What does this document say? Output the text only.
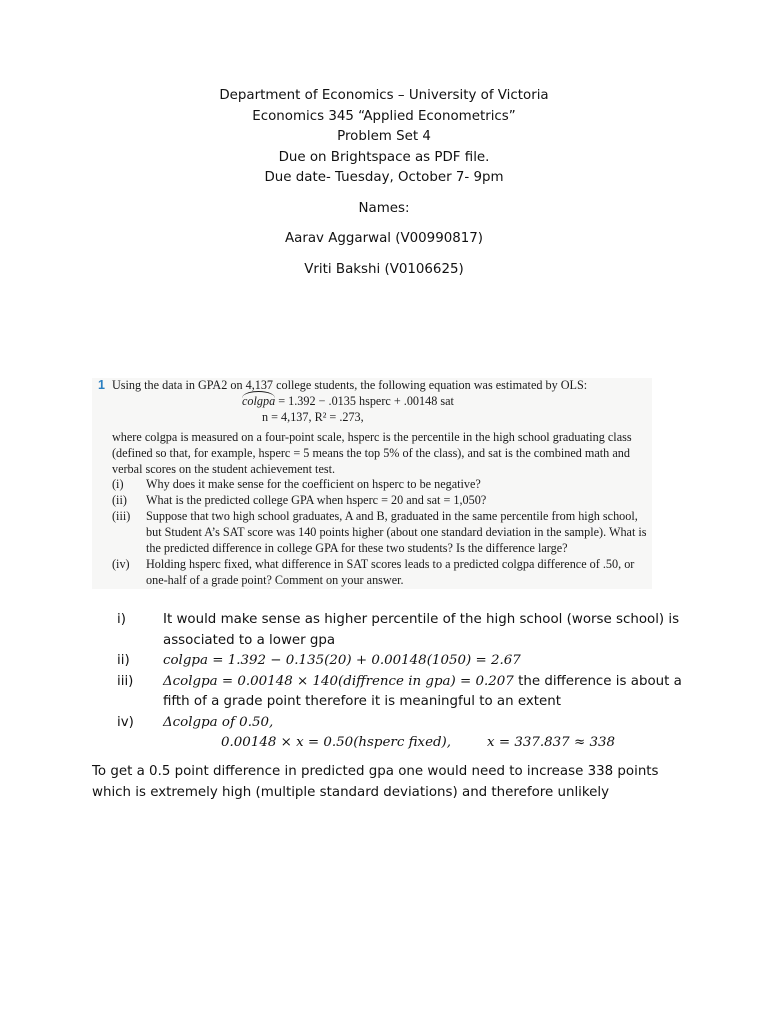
Department of Economics – University of Victoria
Economics 345 “Applied Econometrics”
Problem Set 4
Due on Brightspace as PDF file.
Due date- Tuesday, October 7- 9pm
Names:
Aarav Aggarwal (V00990817)
Vriti Bakshi (V0106625)
1 Using the data in GPA2 on 4,137 college students, the following equation was estimated by OLS:
colgpa = 1.392 − .0135 hsperc + .00148 sat
n = 4,137, R² = .273,
where colgpa is measured on a four-point scale, hsperc is the percentile in the high school graduating class (defined so that, for example, hsperc = 5 means the top 5% of the class), and sat is the combined math and verbal scores on the student achievement test.
(i)	Why does it make sense for the coefficient on hsperc to be negative?
(ii)	What is the predicted college GPA when hsperc = 20 and sat = 1,050?
(iii)	Suppose that two high school graduates, A and B, graduated in the same percentile from high school, but Student A’s SAT score was 140 points higher (about one standard deviation in the sample). What is the predicted difference in college GPA for these two students? Is the difference large?
(iv)	Holding hsperc fixed, what difference in SAT scores leads to a predicted colgpa difference of .50, or one-half of a grade point? Comment on your answer.
i)	It would make sense as higher percentile of the high school (worse school) is associated to a lower gpa
ii)	colgpa = 1.392 − 0.135(20) + 0.00148(1050) = 2.67
iii)	Δcolgpa = 0.00148 × 140(diffrence in gpa) = 0.207 the difference is about a fifth of a grade point therefore it is meaningful to an extent
iv)	Δcolgpa of 0.50,
0.00148 × x = 0.50(hsperc fixed),	x = 337.837 ≈ 338
To get a 0.5 point difference in predicted gpa one would need to increase 338 points which is extremely high (multiple standard deviations) and therefore unlikely
